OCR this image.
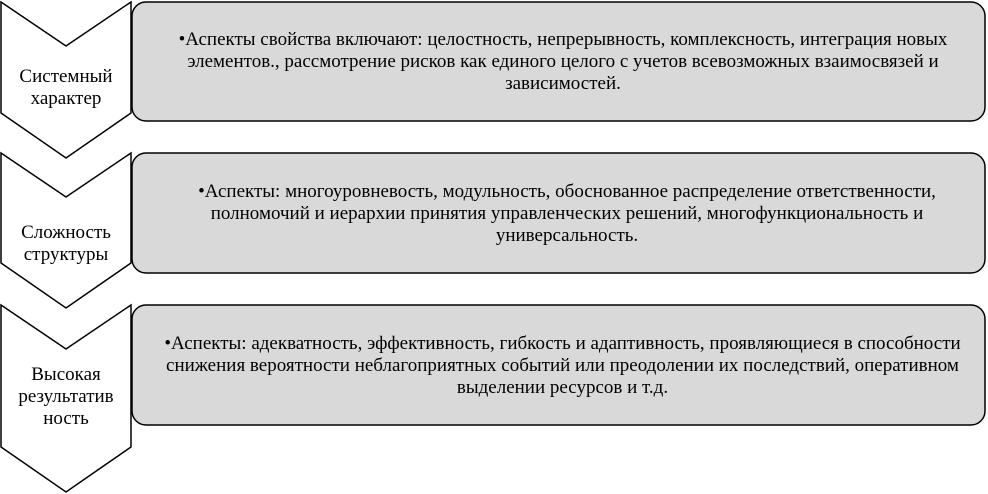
Системный
характер
Сложность
структуры
Высокая
результатив
ность
•Аспекты свойства включают: целостность, непрерывность, комплексность, интеграция новых элементов., рассмотрение рисков как единого целого с учетов всевозможных взаимосвязей и зависимостей.
•Аспекты: многоуровневость, модульность, обоснованное распределение ответственности, полномочий и иерархии принятия управленческих решений, многофункциональность и универсальность.
•Аспекты: адекватность, эффективность, гибкость и адаптивность, проявляющиеся в способности снижения вероятности неблагоприятных событий или преодолении их последствий, оперативном выделении ресурсов и т.д.
